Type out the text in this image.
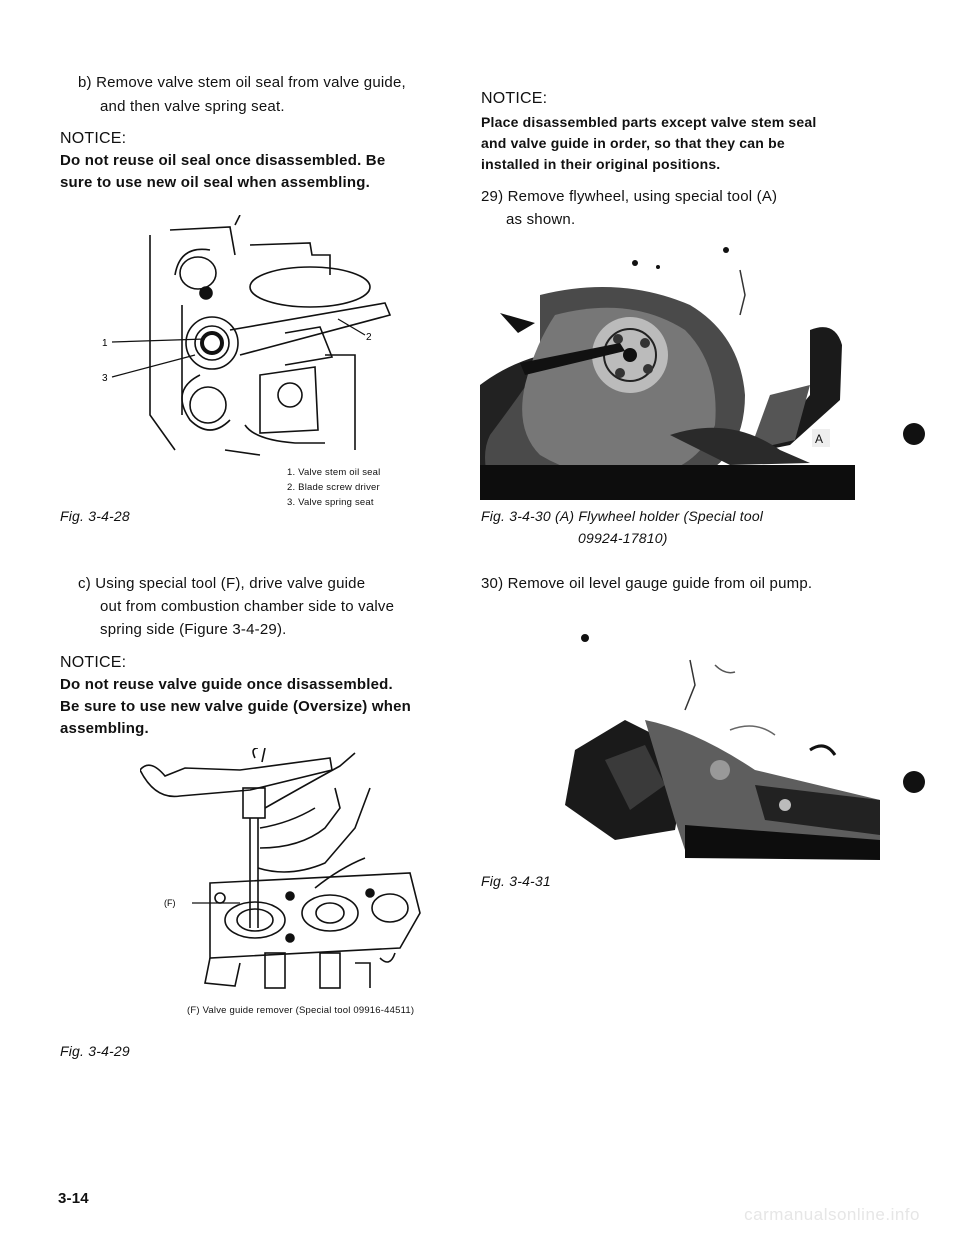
b) Remove valve stem oil seal from valve guide,
and then valve spring seat.
NOTICE:
Do not reuse oil seal once disassembled. Be
sure to use new oil seal when assembling.
1
2
3
1. Valve stem oil seal
2. Blade screw driver
3. Valve spring seat
Fig. 3-4-28
c) Using special tool (F), drive valve guide
out from combustion chamber side to valve
spring side (Figure 3-4-29).
NOTICE:
Do not reuse valve guide once disassembled.
Be sure to use new valve guide (Oversize) when
assembling.
(F)
(F) Valve guide remover (Special tool 09916-44511)
Fig. 3-4-29
3-14
NOTICE:
Place disassembled parts except valve stem seal
and valve guide in order, so that they can be
installed in their original positions.
29) Remove flywheel, using special tool (A)
as shown.
A
Fig. 3-4-30 (A) Flywheel holder (Special tool
09924-17810)
30) Remove oil level gauge guide from oil pump.
Fig. 3-4-31
carmanualsonline.info
